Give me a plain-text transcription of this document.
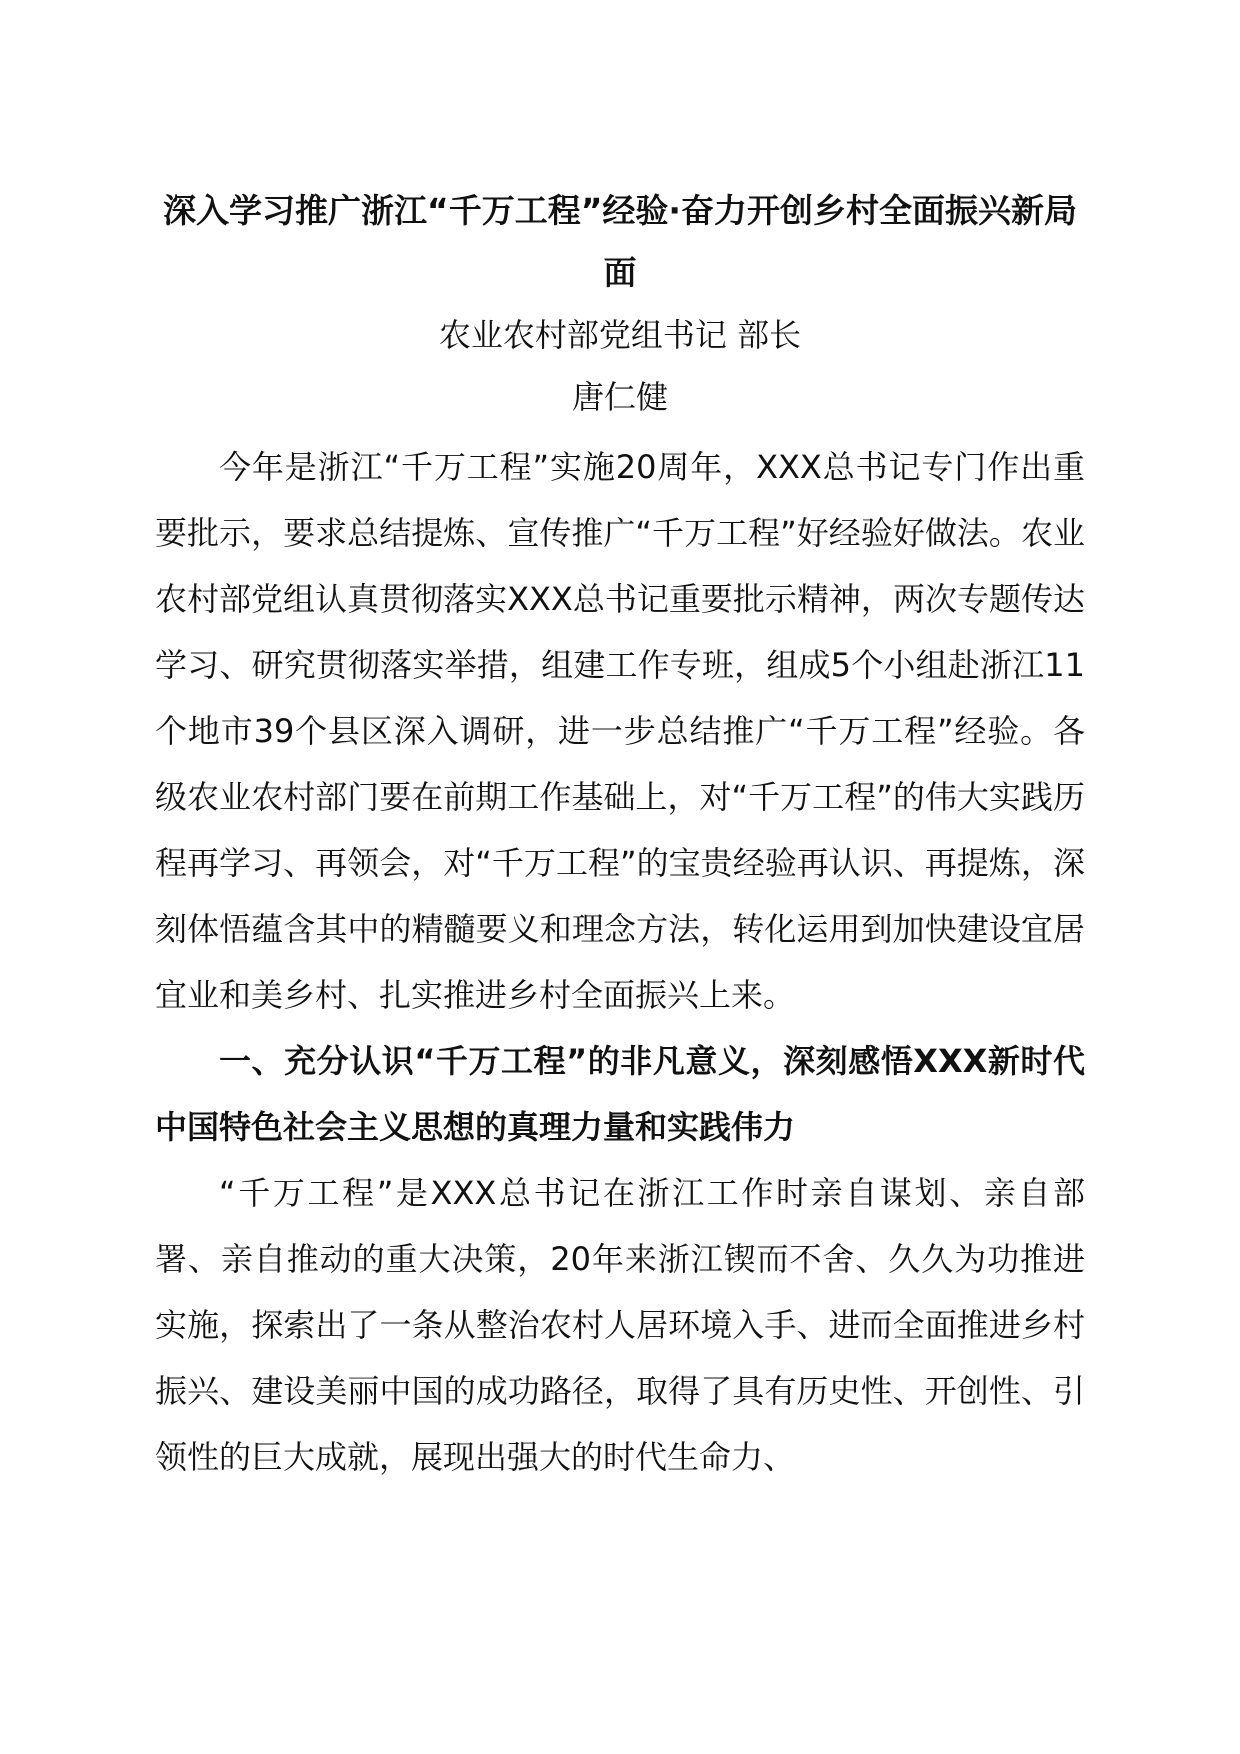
深入学习推广浙江“千万工程”经验·奋力开创乡村全面振兴新局面

农业农村部党组书记 部长

唐仁健

今年是浙江“千万工程”实施20周年，XXX总书记专门作出重要批示，要求总结提炼、宣传推广“千万工程”好经验好做法。农业农村部党组认真贯彻落实XXX总书记重要批示精神，两次专题传达学习、研究贯彻落实举措，组建工作专班，组成5个小组赴浙江11个地市39个县区深入调研，进一步总结推广“千万工程”经验。各级农业农村部门要在前期工作基础上，对“千万工程”的伟大实践历程再学习、再领会，对“千万工程”的宝贵经验再认识、再提炼，深刻体悟蕴含其中的精髓要义和理念方法，转化运用到加快建设宜居宜业和美乡村、扎实推进乡村全面振兴上来。

一、充分认识“千万工程”的非凡意义，深刻感悟XXX新时代中国特色社会主义思想的真理力量和实践伟力

“千万工程”是XXX总书记在浙江工作时亲自谋划、亲自部署、亲自推动的重大决策，20年来浙江锲而不舍、久久为功推进实施，探索出了一条从整治农村人居环境入手、进而全面推进乡村振兴、建设美丽中国的成功路径，取得了具有历史性、开创性、引领性的巨大成就，展现出强大的时代生命力、
